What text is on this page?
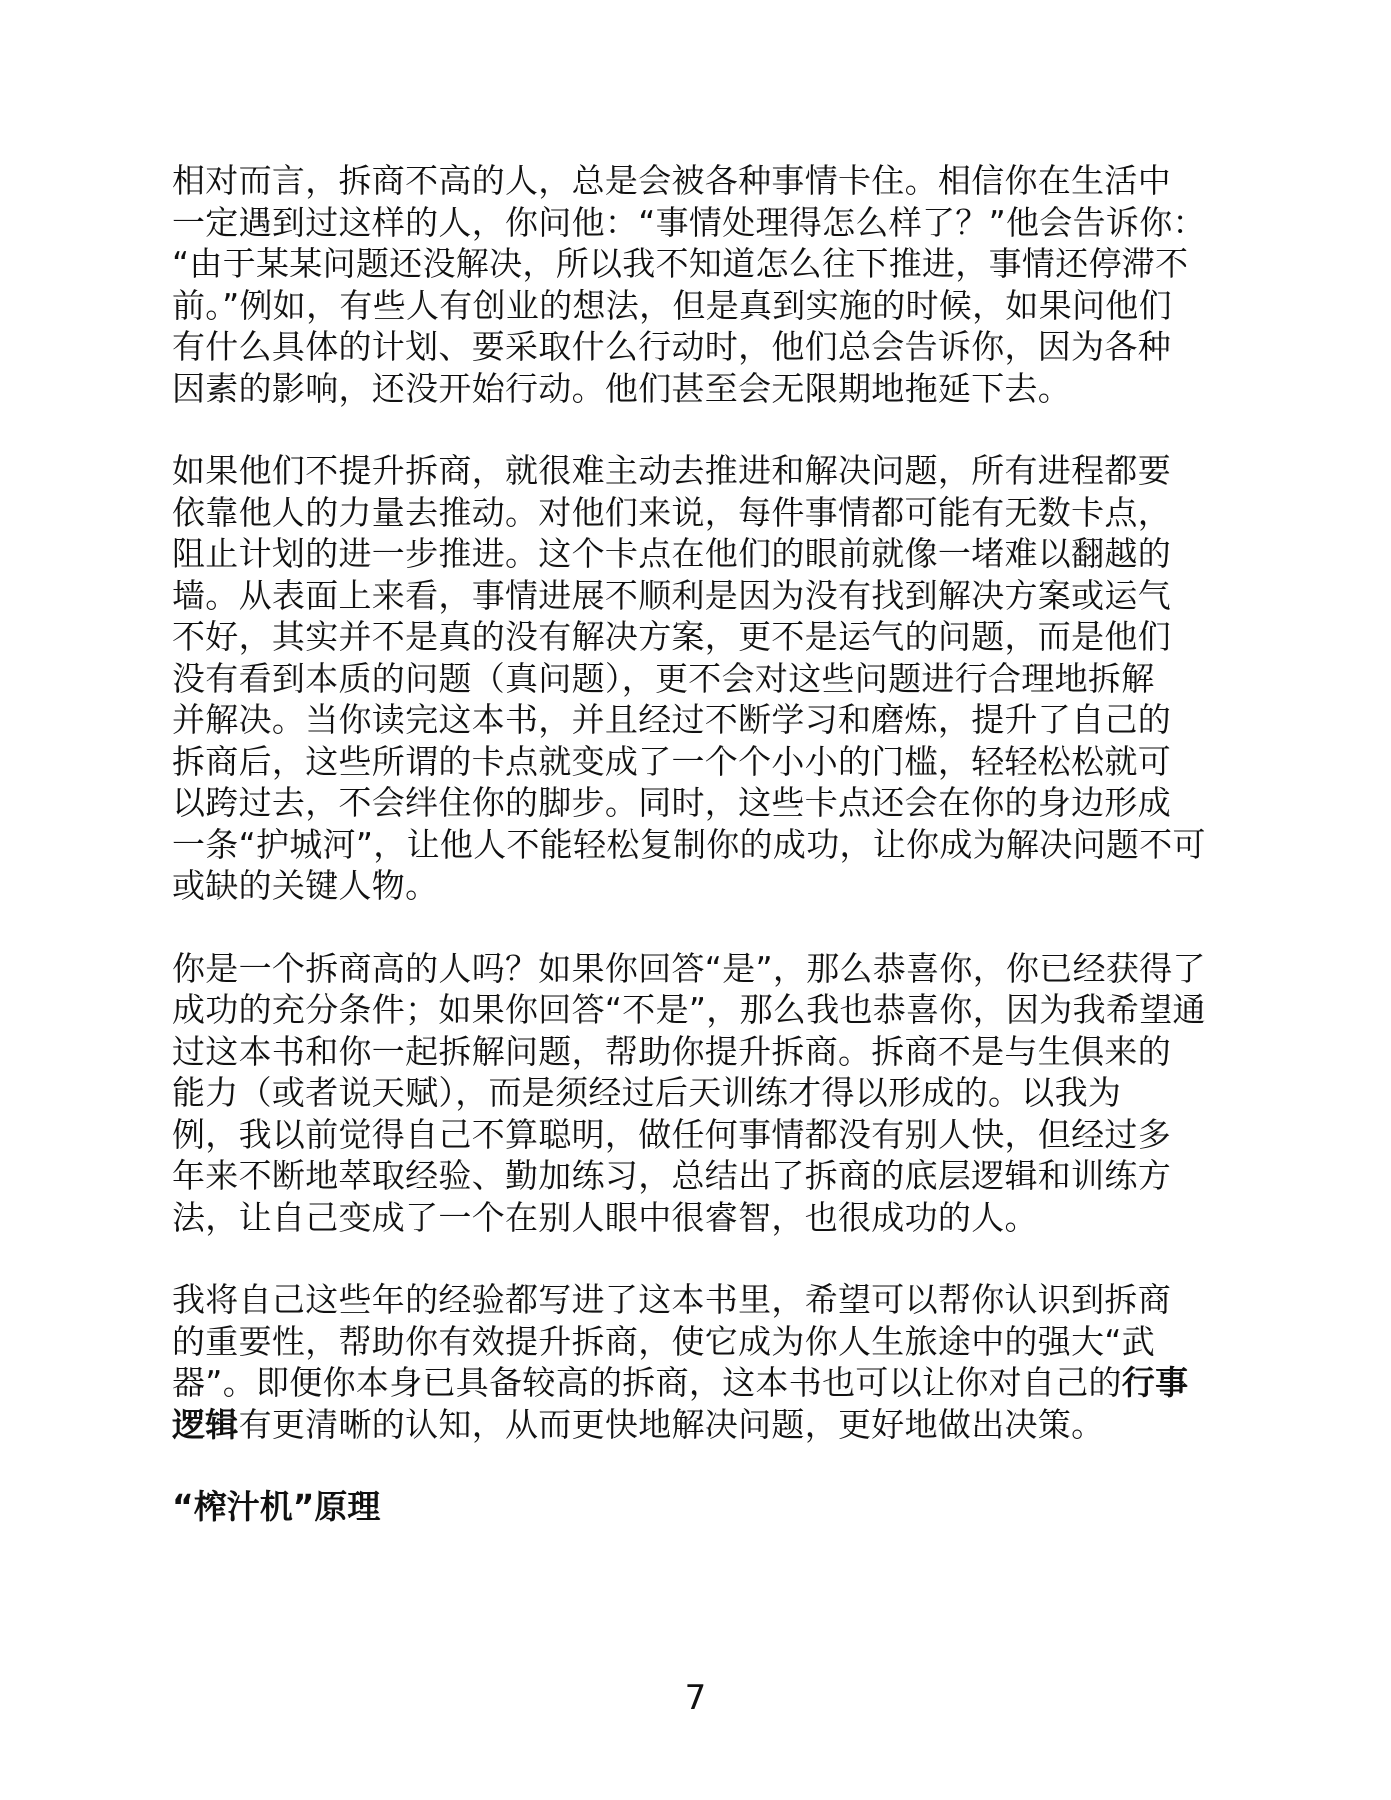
相对而言，拆商不高的人，总是会被各种事情卡住。相信你在生活中
一定遇到过这样的人，你问他：“事情处理得怎么样了？”他会告诉你：
“由于某某问题还没解决，所以我不知道怎么往下推进，事情还停滞不
前。”例如，有些人有创业的想法，但是真到实施的时候，如果问他们
有什么具体的计划、要采取什么行动时，他们总会告诉你，因为各种
因素的影响，还没开始行动。他们甚至会无限期地拖延下去。
如果他们不提升拆商，就很难主动去推进和解决问题，所有进程都要
依靠他人的力量去推动。对他们来说，每件事情都可能有无数卡点，
阻止计划的进一步推进。这个卡点在他们的眼前就像一堵难以翻越的
墙。从表面上来看，事情进展不顺利是因为没有找到解决方案或运气
不好，其实并不是真的没有解决方案，更不是运气的问题，而是他们
没有看到本质的问题（真问题），更不会对这些问题进行合理地拆解
并解决。当你读完这本书，并且经过不断学习和磨炼，提升了自己的
拆商后，这些所谓的卡点就变成了一个个小小的门槛，轻轻松松就可
以跨过去，不会绊住你的脚步。同时，这些卡点还会在你的身边形成
一条“护城河”，让他人不能轻松复制你的成功，让你成为解决问题不可
或缺的关键人物。
你是一个拆商高的人吗？如果你回答“是”，那么恭喜你，你已经获得了
成功的充分条件；如果你回答“不是”，那么我也恭喜你，因为我希望通
过这本书和你一起拆解问题，帮助你提升拆商。拆商不是与生俱来的
能力（或者说天赋），而是须经过后天训练才得以形成的。以我为
例，我以前觉得自己不算聪明，做任何事情都没有别人快，但经过多
年来不断地萃取经验、勤加练习，总结出了拆商的底层逻辑和训练方
法，让自己变成了一个在别人眼中很睿智，也很成功的人。
我将自己这些年的经验都写进了这本书里，希望可以帮你认识到拆商
的重要性，帮助你有效提升拆商，使它成为你人生旅途中的强大“武
器”。即便你本身已具备较高的拆商，这本书也可以让你对自己的行事
逻辑有更清晰的认知，从而更快地解决问题，更好地做出决策。
“榨汁机”原理
7
